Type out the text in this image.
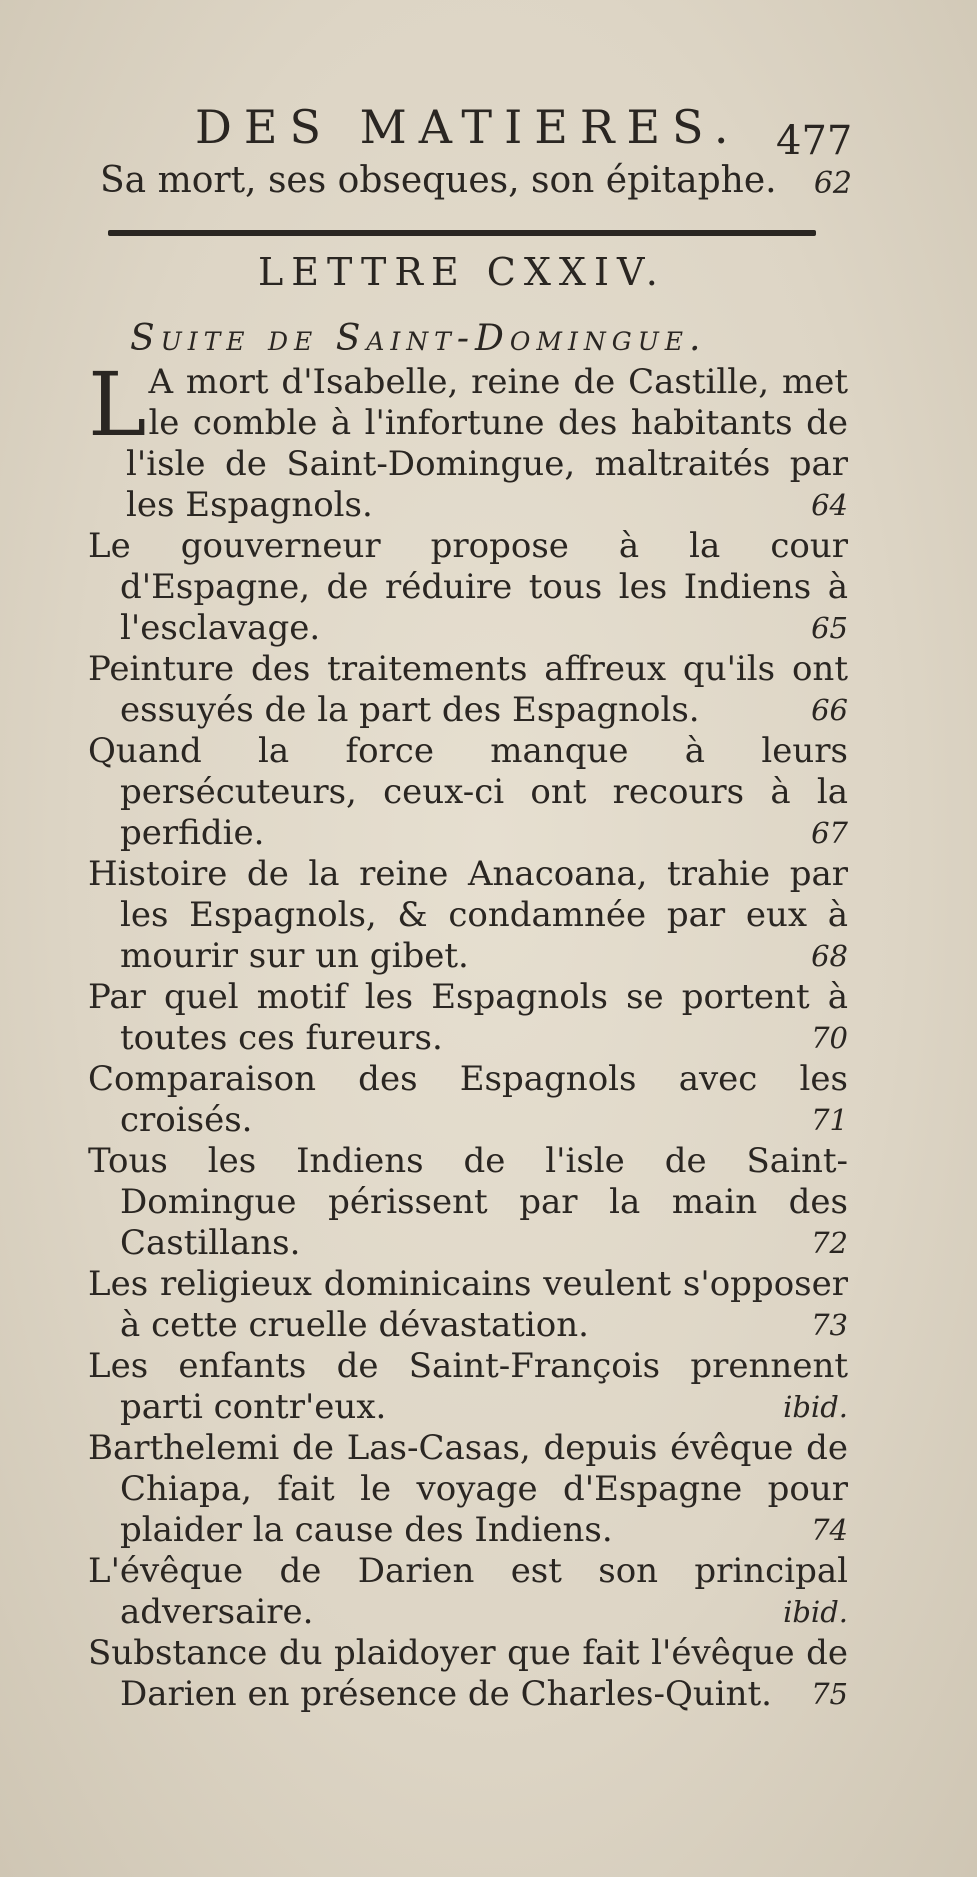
DES MATIERES. 477
Sa mort, ses obseques, son épitaphe. 62
LETTRE CXXIV.
Suite de Saint-Domingue.
L A mort d'Isabelle, reine de Castille, met le comble à l'infortune des habitants de l'isle de Saint-Domingue, maltraités par les Espagnols.	64
Le gouverneur propose à la cour d'Espagne, de réduire tous les Indiens à l'esclavage.	65
Peinture des traitements affreux qu'ils ont essuyés de la part des Espagnols.	66
Quand la force manque à leurs persécuteurs, ceux-ci ont recours à la perfidie.	67
Histoire de la reine Anacoana, trahie par les Espagnols, & condamnée par eux à mourir sur un gibet.	68
Par quel motif les Espagnols se portent à toutes ces fureurs.	70
Comparaison des Espagnols avec les croisés.	71
Tous les Indiens de l'isle de Saint-Domingue périssent par la main des Castillans.	72
Les religieux dominicains veulent s'opposer à cette cruelle dévastation.	73
Les enfants de Saint-François prennent parti contr'eux.	ibid.
Barthelemi de Las-Casas, depuis évêque de Chiapa, fait le voyage d'Espagne pour plaider la cause des Indiens.	74
L'évêque de Darien est son principal adversaire.	ibid.
Substance du plaidoyer que fait l'évêque de Darien en présence de Charles-Quint. 75
